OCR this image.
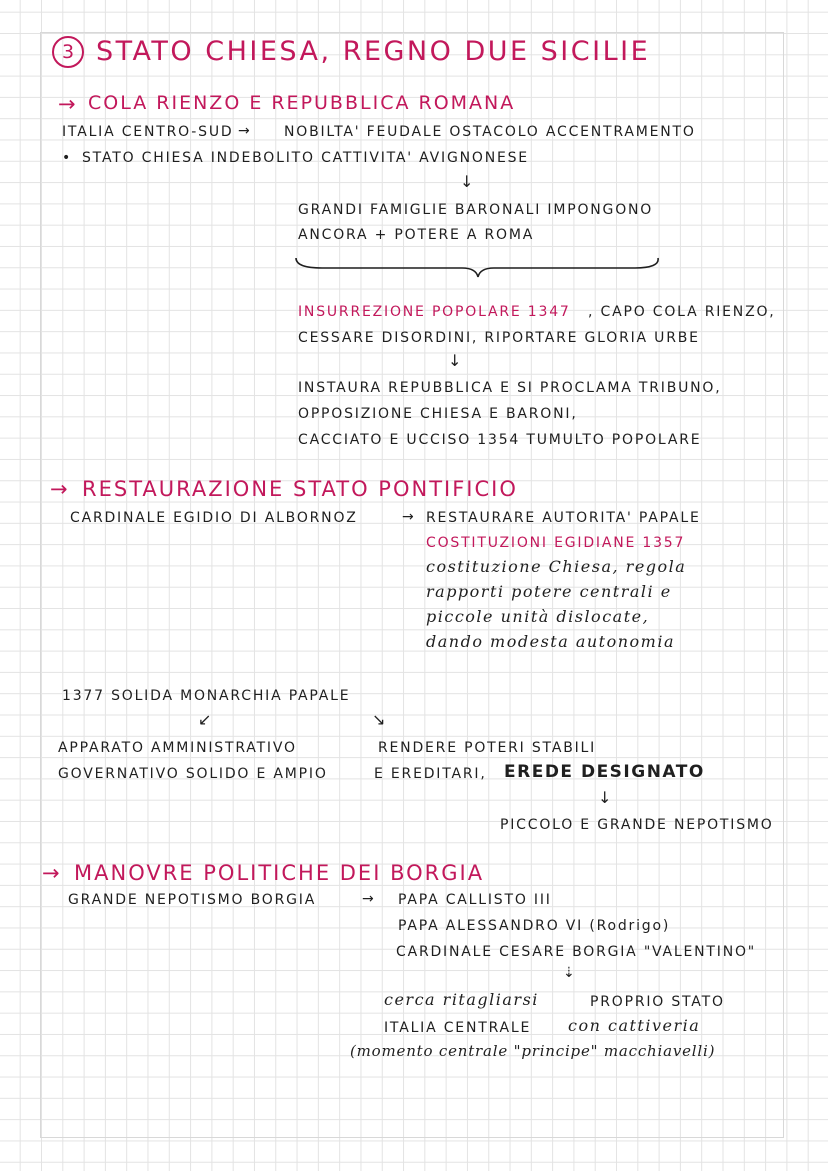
3 STATO CHIESA, REGNO DUE SICILIE
→ COLA RIENZO E REPUBBLICA ROMANA
ITALIA CENTRO-SUD → NOBILTA' FEUDALE OSTACOLO ACCENTRAMENTO
• STATO CHIESA INDEBOLITO CATTIVITA' AVIGNONESE
↓
GRANDI FAMIGLIE BARONALI IMPONGONO
ANCORA + POTERE A ROMA
INSURREZIONE POPOLARE 1347 , CAPO COLA RIENZO,
CESSARE DISORDINI, RIPORTARE GLORIA URBE
↓
INSTAURA REPUBBLICA E SI PROCLAMA TRIBUNO,
OPPOSIZIONE CHIESA E BARONI,
CACCIATO E UCCISO 1354 TUMULTO POPOLARE
→ RESTAURAZIONE STATO PONTIFICIO
CARDINALE EGIDIO DI ALBORNOZ	→ RESTAURARE AUTORITA' PAPALE
COSTITUZIONI EGIDIANE 1357
costituzione Chiesa, regola
rapporti potere centrali e
piccole unità dislocate,
dando modesta autonomia
1377 SOLIDA MONARCHIA PAPALE
↙	↘
APPARATO AMMINISTRATIVO
GOVERNATIVO SOLIDO E AMPIO
RENDERE POTERI STABILI
E EREDITARI, EREDE DESIGNATO
↓
PICCOLO E GRANDE NEPOTISMO
→ MANOVRE POLITICHE DEI BORGIA
GRANDE NEPOTISMO BORGIA	→ PAPA CALLISTO III
PAPA ALESSANDRO VI (Rodrigo)
CARDINALE CESARE BORGIA "VALENTINO"
⇣
cerca ritagliarsi	PROPRIO STATO
ITALIA CENTRALE con cattiveria
(momento centrale "principe" macchiavelli)
